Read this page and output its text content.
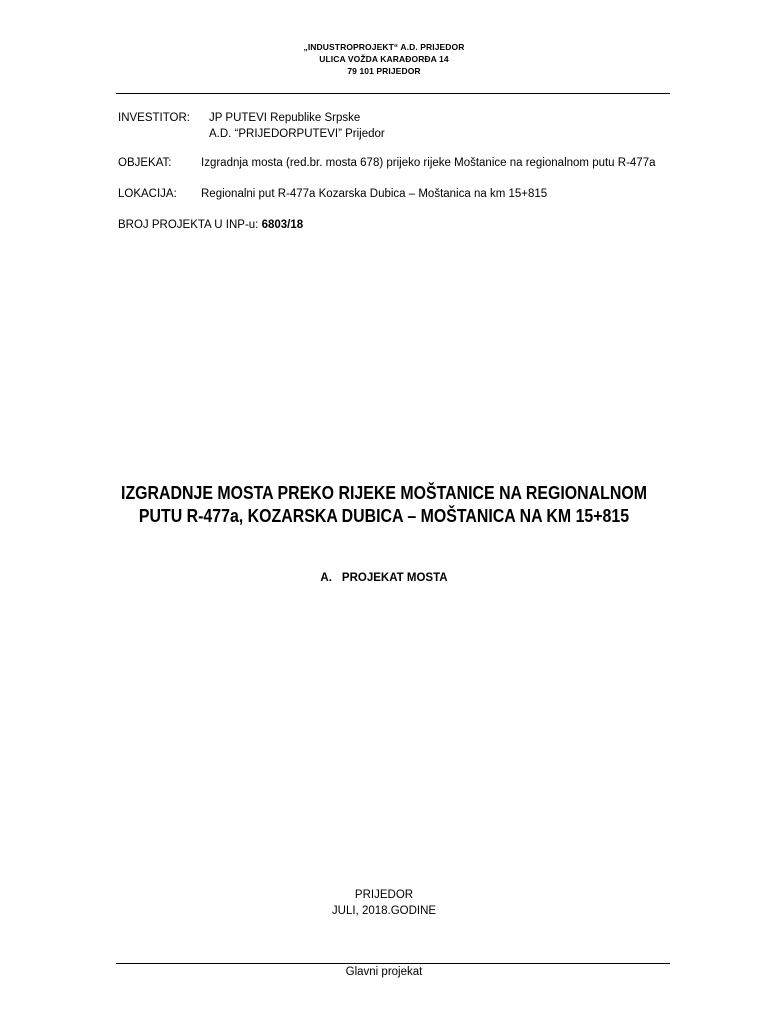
„INDUSTROPROJEKT“ A.D. PRIJEDOR
ULICA VOŽDA KARAĐORĐA 14
79 101 PRIJEDOR
INVESTITOR: JP PUTEVI Republike Srpske
A.D. “PRIJEDORPUTEVI” Prijedor
OBJEKAT:	Izgradnja mosta (red.br. mosta 678) prijeko rijeke Moštanice na regionalnom putu R-477a
LOKACIJA: Regionalni put R-477a Kozarska Dubica – Moštanica na km 15+815
BROJ PROJEKTA U INP-u: 6803/18
IZGRADNJE MOSTA PREKO RIJEKE MOŠTANICE NA REGIONALNOM
PUTU R-477a, KOZARSKA DUBICA – MOŠTANICA NA KM 15+815
A. PROJEKAT MOSTA
PRIJEDOR
JULI, 2018.GODINE
Glavni projekat
